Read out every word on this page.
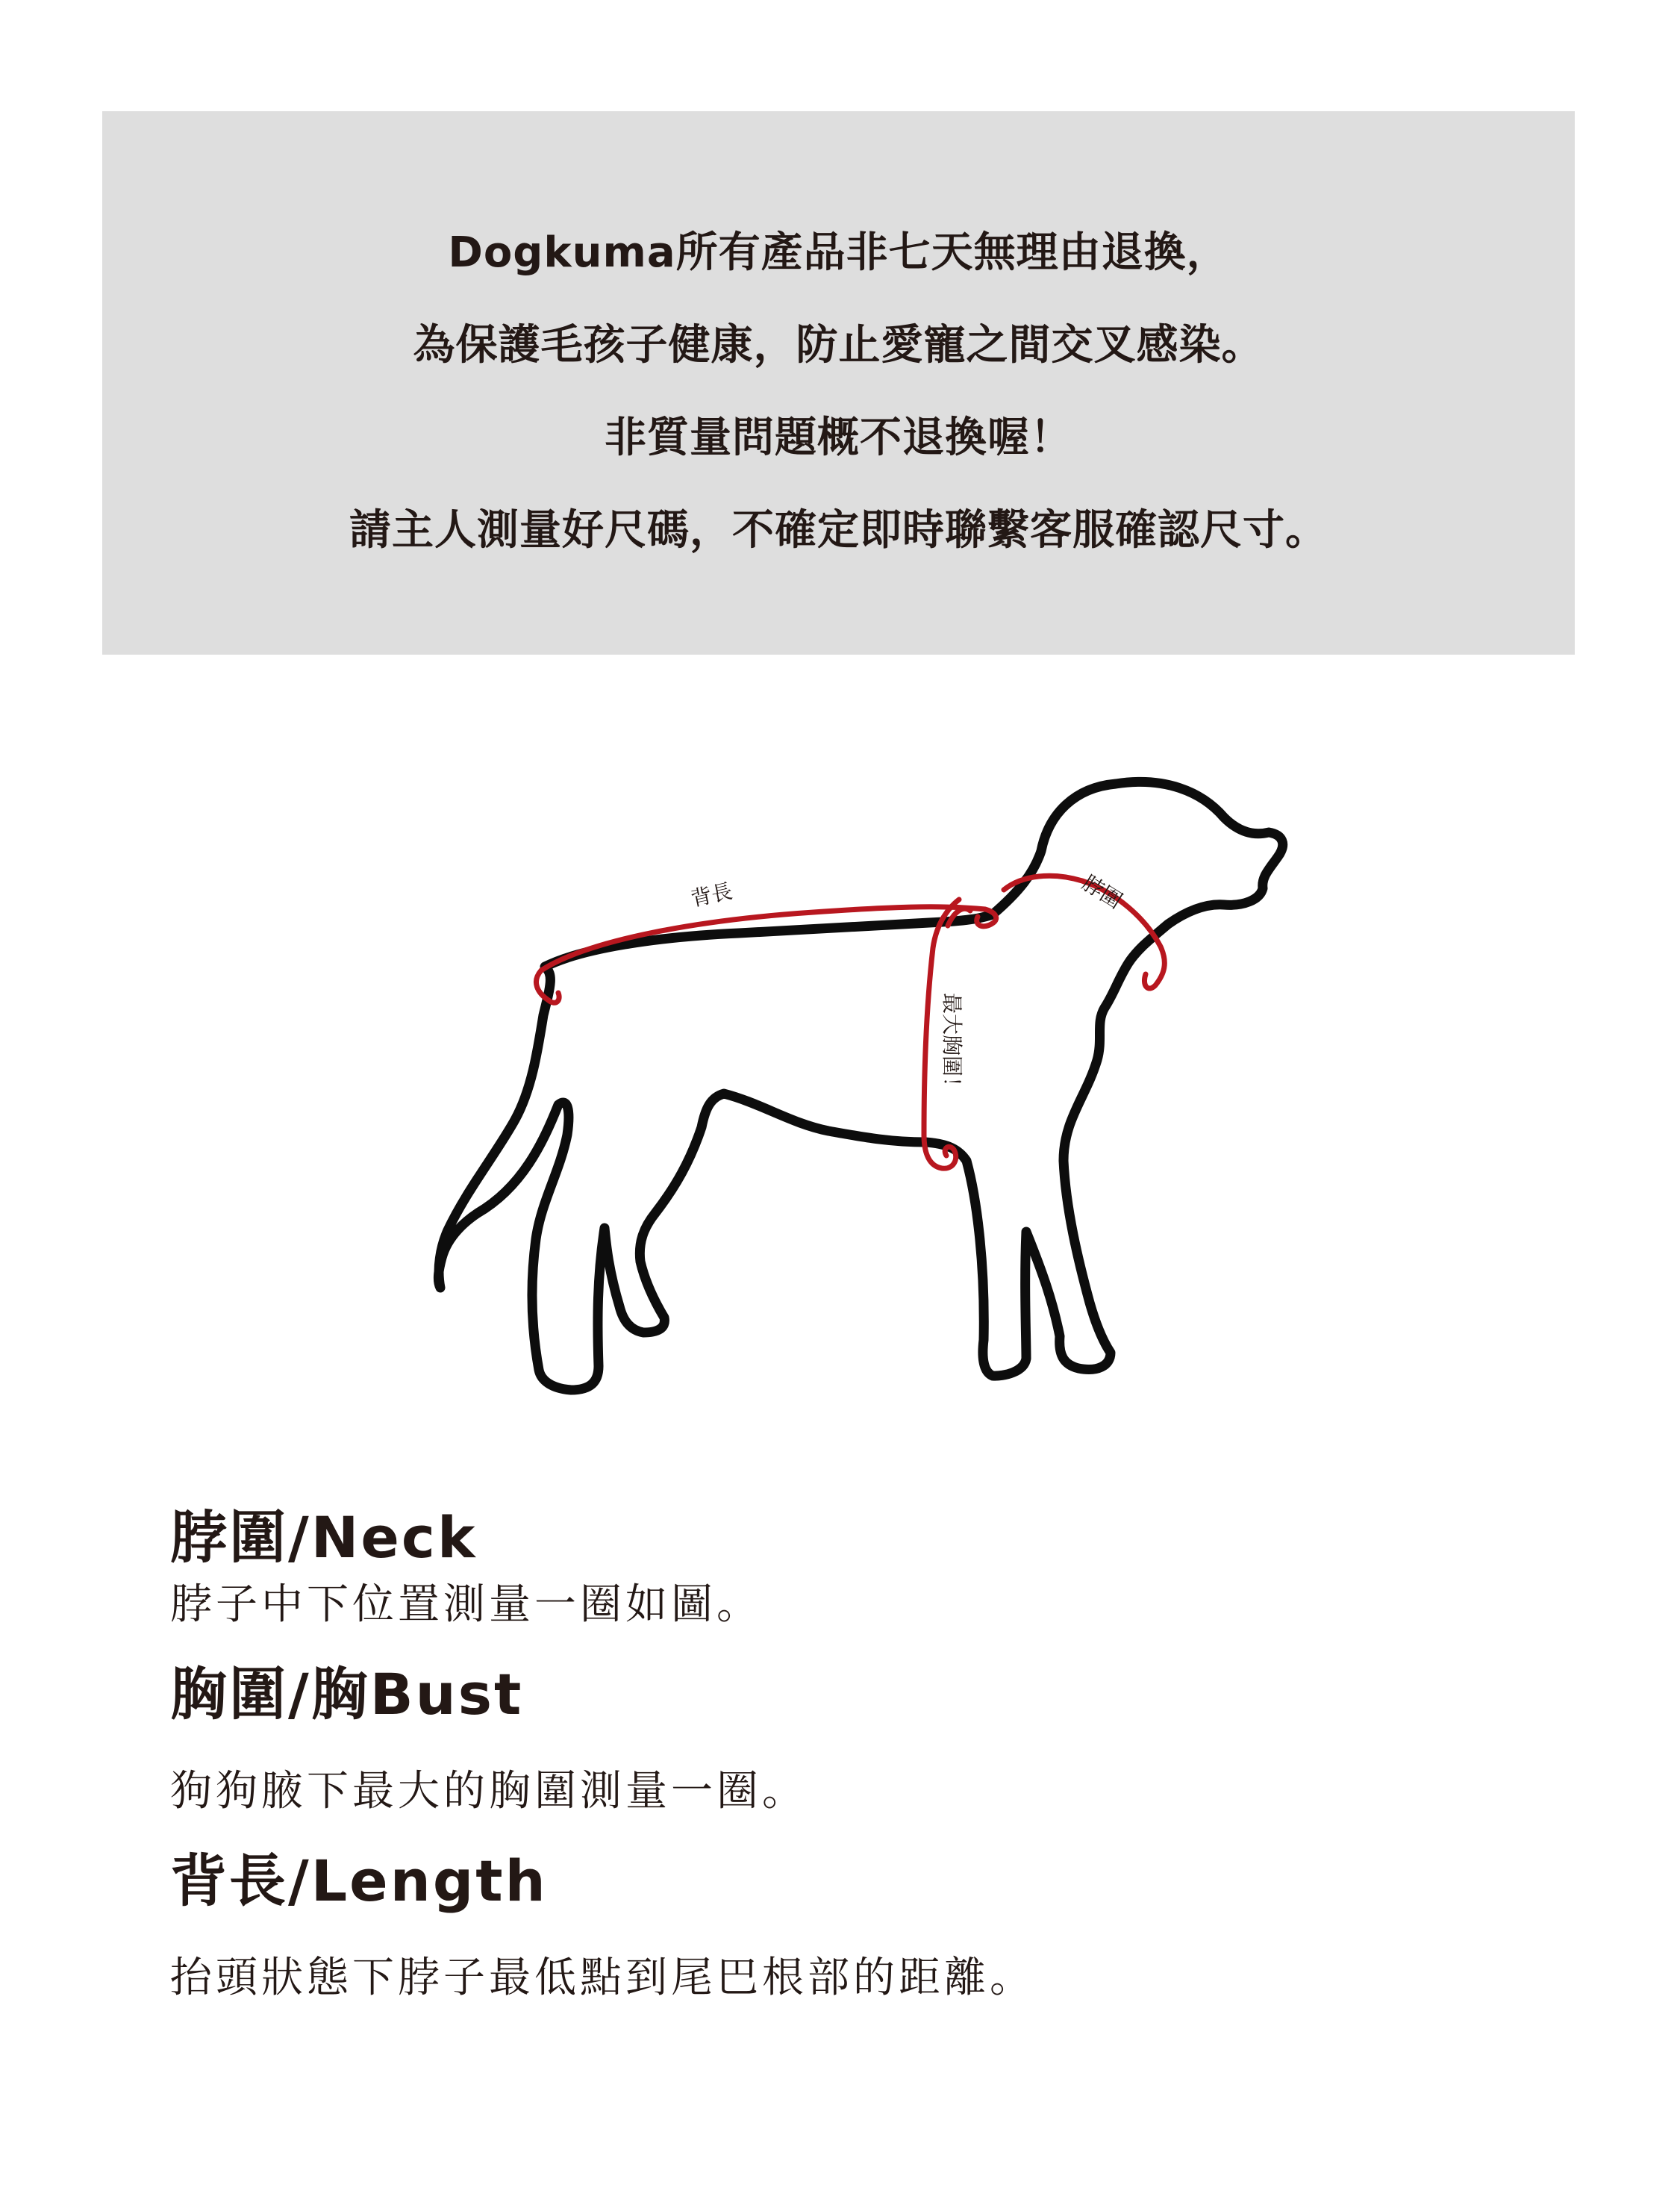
Dogkuma所有產品非七天無理由退換，
為保護毛孩子健康，防止愛寵之間交叉感染。
非質量問題概不退換喔！
請主人測量好尺碼，不確定即時聯繫客服確認尺寸。
背長	脖圍
最大胸圍！
脖圍/Neck
脖子中下位置測量一圈如圖。
胸圍/胸Bust
狗狗腋下最大的胸圍測量一圈。
背長/Length
抬頭狀態下脖子最低點到尾巴根部的距離。
